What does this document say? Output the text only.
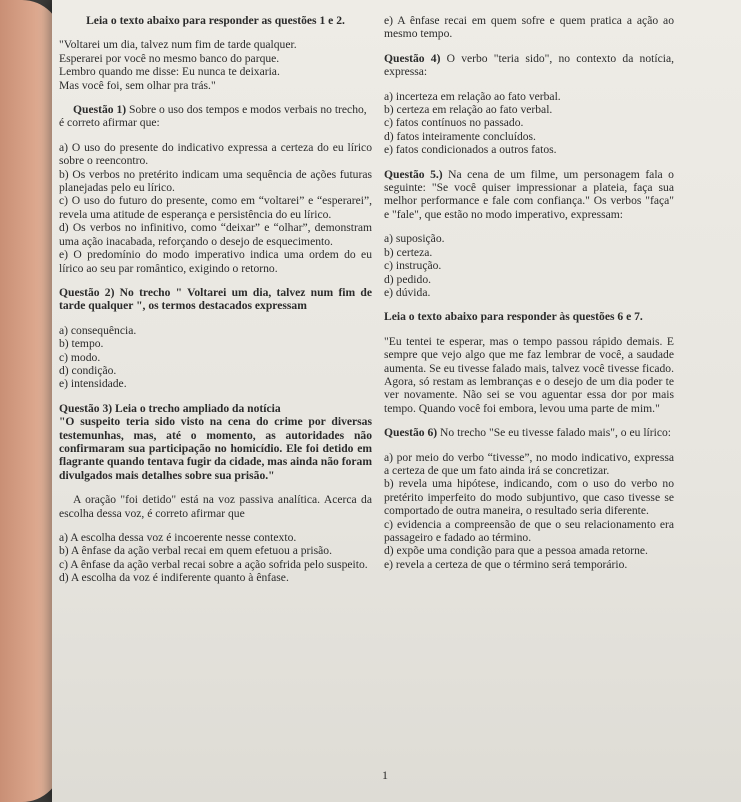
Leia o texto abaixo para responder as questões 1 e 2.

"Voltarei um dia, talvez num fim de tarde qualquer.

Esperarei por você no mesmo banco do parque.

Lembro quando me disse: Eu nunca te deixaria.

Mas você foi, sem olhar pra trás."

Questão 1) Sobre o uso dos tempos e modos verbais no trecho, é correto afirmar que:

a) O uso do presente do indicativo expressa a certeza do eu lírico sobre o reencontro.

b) Os verbos no pretérito indicam uma sequência de ações futuras planejadas pelo eu lírico.

c) O uso do futuro do presente, como em “voltarei” e “esperarei”, revela uma atitude de esperança e persistência do eu lírico.

d) Os verbos no infinitivo, como “deixar” e “olhar”, demonstram uma ação inacabada, reforçando o desejo de esquecimento.

e) O predomínio do modo imperativo indica uma ordem do eu lírico ao seu par romântico, exigindo o retorno.

Questão 2) No trecho " Voltarei um dia, talvez num fim de tarde qualquer ", os termos destacados expressam

a) consequência.

b) tempo.

c) modo.

d) condição.

e) intensidade.

Questão 3) Leia o trecho ampliado da notícia

"O suspeito teria sido visto na cena do crime por diversas testemunhas, mas, até o momento, as autoridades não confirmaram sua participação no homicídio. Ele foi detido em flagrante quando tentava fugir da cidade, mas ainda não foram divulgados mais detalhes sobre sua prisão."

A oração "foi detido" está na voz passiva analítica. Acerca da escolha dessa voz, é correto afirmar que

a) A escolha dessa voz é incoerente nesse contexto.

b) A ênfase da ação verbal recai em quem efetuou a prisão.

c) A ênfase da ação verbal recai sobre a ação sofrida pelo suspeito.

d) A escolha da voz é indiferente quanto à ênfase.

e) A ênfase recai em quem sofre e quem pratica a ação ao mesmo tempo.

Questão 4) O verbo "teria sido", no contexto da notícia, expressa:

a) incerteza em relação ao fato verbal.

b) certeza em relação ao fato verbal.

c) fatos contínuos no passado.

d) fatos inteiramente concluídos.

e) fatos condicionados a outros fatos.

Questão 5.) Na cena de um filme, um personagem fala o seguinte: "Se você quiser impressionar a plateia, faça sua melhor performance e fale com confiança." Os verbos "faça" e "fale", que estão no modo imperativo, expressam:

a) suposição.

b) certeza.

c) instrução.

d) pedido.

e) dúvida.

Leia o texto abaixo para responder às questões 6 e 7.

"Eu tentei te esperar, mas o tempo passou rápido demais. E sempre que vejo algo que me faz lembrar de você, a saudade aumenta. Se eu tivesse falado mais, talvez você tivesse ficado. Agora, só restam as lembranças e o desejo de um dia poder te ver novamente. Não sei se vou aguentar essa dor por mais tempo. Quando você foi embora, levou uma parte de mim."

Questão 6) No trecho "Se eu tivesse falado mais", o eu lírico:

a) por meio do verbo “tivesse”, no modo indicativo, expressa a certeza de que um fato ainda irá se concretizar.

b) revela uma hipótese, indicando, com o uso do verbo no pretérito imperfeito do modo subjuntivo, que caso tivesse se comportado de outra maneira, o resultado seria diferente.

c) evidencia a compreensão de que o seu relacionamento era passageiro e fadado ao término.

d) expõe uma condição para que a pessoa amada retorne.

e) revela a certeza de que o término será temporário.

1
